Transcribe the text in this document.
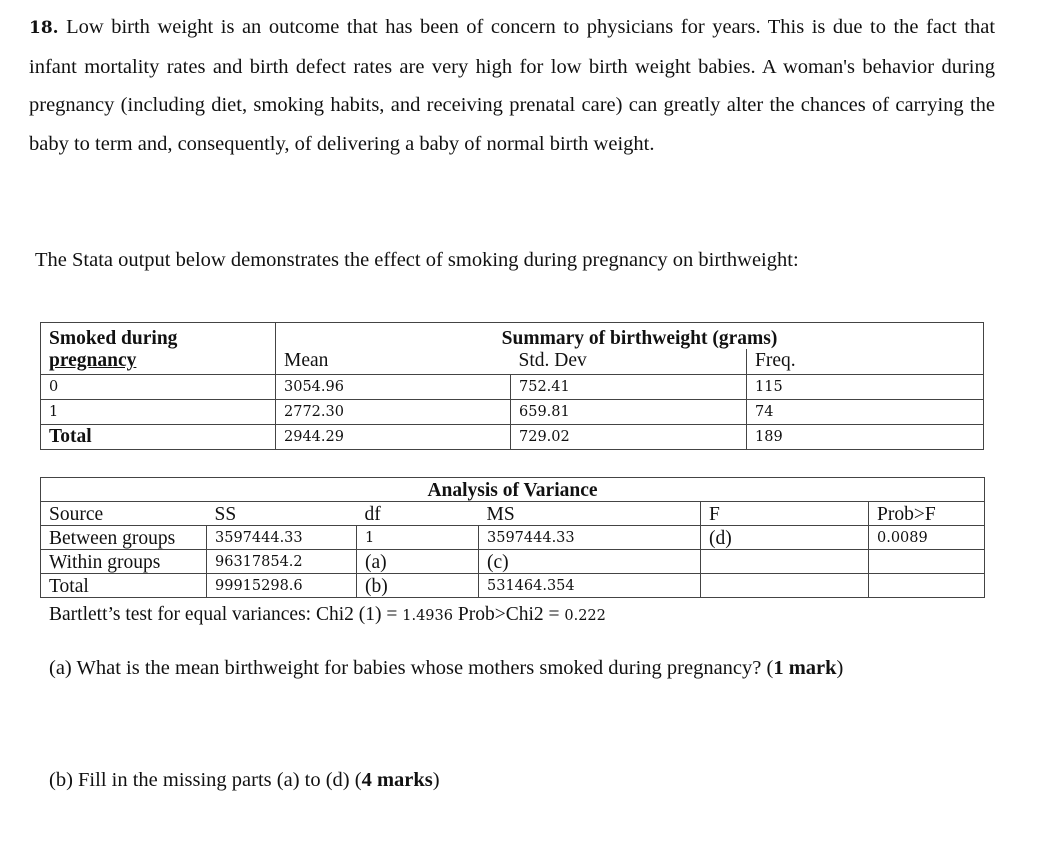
18. Low birth weight is an outcome that has been of concern to physicians for years. This is due to the fact that infant mortality rates and birth defect rates are very high for low birth weight babies. A woman's behavior during pregnancy (including diet, smoking habits, and receiving prenatal care) can greatly alter the chances of carrying the baby to term and, consequently, of delivering a baby of normal birth weight.
The Stata output below demonstrates the effect of smoking during pregnancy on birthweight:
Smoked during	Summary of birthweight (grams)		
pregnancy	Mean	Std. Dev	Freq.
0	3054.96	752.41	115
1	2772.30	659.81	74
Total	2944.29	729.02	189
Analysis of Variance					
Source	SS	df	MS	F	Prob>F
Between groups	3597444.33	1	3597444.33	(d)	0.0089
Within groups	96317854.2	(a)	(c)		
Total	99915298.6	(b)	531464.354		
Bartlett’s test for equal variances: Chi2 (1) = 1.4936 Prob>Chi2 = 0.222
(a) What is the mean birthweight for babies whose mothers smoked during pregnancy? (1 mark)
(b) Fill in the missing parts (a) to (d) (4 marks)
